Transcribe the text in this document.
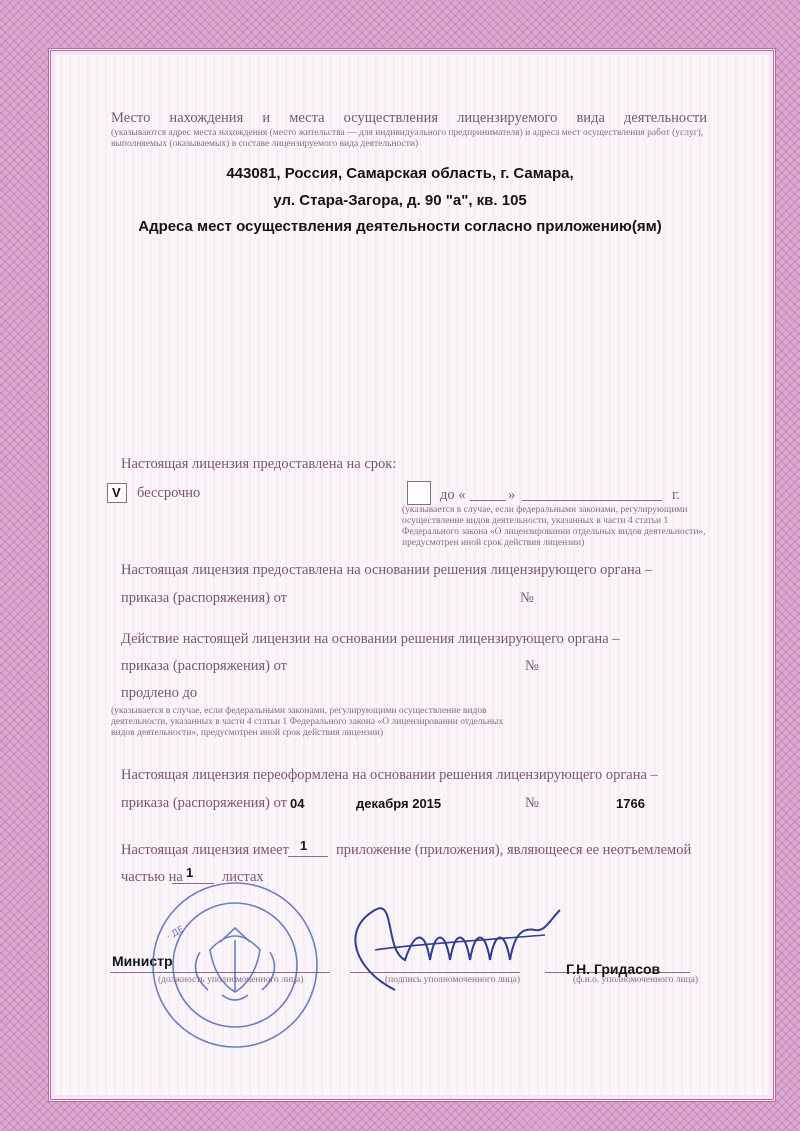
Место нахождения и места осуществления лицензируемого вида деятельности
(указываются адрес места нахождения (место жительства — для индивидуального предпринимателя) и адреса мест осуществления работ (услуг), выполняемых (оказываемых) в составе лицензируемого вида деятельности)
443081, Россия, Самарская область, г. Самара,
ул. Стара-Загора, д. 90 "а", кв. 105
Адреса мест осуществления деятельности согласно приложению(ям)
Настоящая лицензия предоставлена на срок:
V бессрочно	до «	»	г.
(указывается в случае, если федеральными законами, регулирующими осуществление видов деятельности, указанных в части 4 статьи 1 Федерального закона «О лицензировании отдельных видов деятельности», предусмотрен иной срок действия лицензии)
Настоящая лицензия предоставлена на основании решения лицензирующего органа –
приказа (распоряжения) от	№
Действие настоящей лицензии на основании решения лицензирующего органа –
приказа (распоряжения) от	№
продлено до
(указывается в случае, если федеральными законами, регулирующими осуществление видов деятельности, указанных в части 4 статьи 1 Федерального закона «О лицензировании отдельных видов деятельности», предусмотрен иной срок действия лицензии)
Настоящая лицензия переоформлена на основании решения лицензирующего органа –
приказа (распоряжения) от 04	декабря 2015	№	1766
Настоящая лицензия имеет 1 приложение (приложения), являющееся ее неотъемлемой
частью на 1 листах
Министр	Г.Н. Гридасов
(должность уполномоченного лица)	(подпись уполномоченного лица)	(ф.и.о. уполномоченного лица)
· ДЕ ·
